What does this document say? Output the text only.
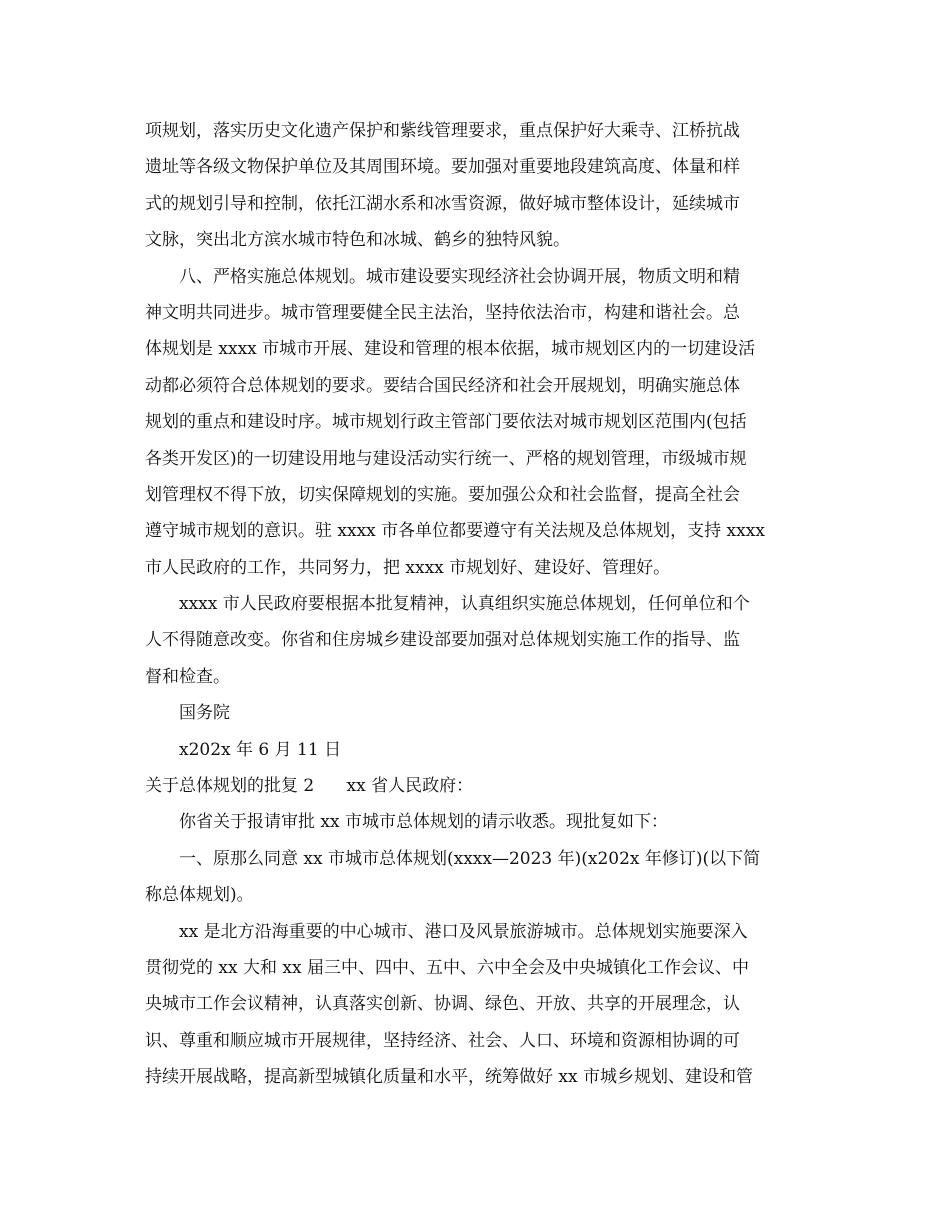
项规划，落实历史文化遗产保护和紫线管理要求，重点保护好大乘寺、江桥抗战
遗址等各级文物保护单位及其周围环境。要加强对重要地段建筑高度、体量和样
式的规划引导和控制，依托江湖水系和冰雪资源，做好城市整体设计，延续城市
文脉，突出北方滨水城市特色和冰城、鹤乡的独特风貌。
八、严格实施总体规划。城市建设要实现经济社会协调开展，物质文明和精
神文明共同进步。城市管理要健全民主法治，坚持依法治市，构建和谐社会。总
体规划是 xxxx 市城市开展、建设和管理的根本依据，城市规划区内的一切建设活
动都必须符合总体规划的要求。要结合国民经济和社会开展规划，明确实施总体
规划的重点和建设时序。城市规划行政主管部门要依法对城市规划区范围内(包括
各类开发区)的一切建设用地与建设活动实行统一、严格的规划管理，市级城市规
划管理权不得下放，切实保障规划的实施。要加强公众和社会监督，提高全社会
遵守城市规划的意识。驻 xxxx 市各单位都要遵守有关法规及总体规划，支持 xxxx
市人民政府的工作，共同努力，把 xxxx 市规划好、建设好、管理好。
xxxx 市人民政府要根据本批复精神，认真组织实施总体规划，任何单位和个
人不得随意改变。你省和住房城乡建设部要加强对总体规划实施工作的指导、监
督和检查。
国务院
x202x 年 6 月 11 日
关于总体规划的批复 2 xx 省人民政府：
你省关于报请审批 xx 市城市总体规划的请示收悉。现批复如下：
一、原那么同意 xx 市城市总体规划(xxxx—2023 年)(x202x 年修订)(以下简
称总体规划)。
xx 是北方沿海重要的中心城市、港口及风景旅游城市。总体规划实施要深入
贯彻党的 xx 大和 xx 届三中、四中、五中、六中全会及中央城镇化工作会议、中
央城市工作会议精神，认真落实创新、协调、绿色、开放、共享的开展理念，认
识、尊重和顺应城市开展规律，坚持经济、社会、人口、环境和资源相协调的可
持续开展战略，提高新型城镇化质量和水平，统筹做好 xx 市城乡规划、建设和管
